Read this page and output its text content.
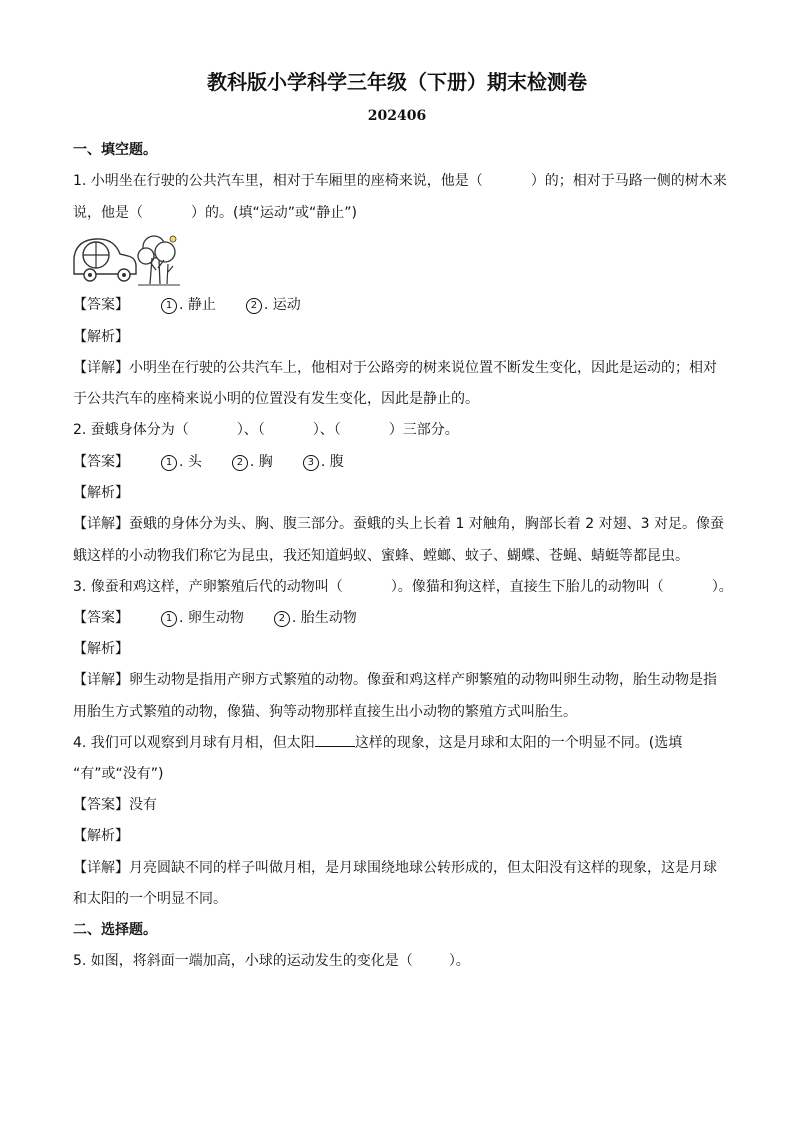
教科版小学科学三年级（下册）期末检测卷
202406
一、填空题。
1. 小明坐在行驶的公共汽车里，相对于车厢里的座椅来说，他是（	）的；相对于马路一侧的树木来
说，他是（	）的。(填“运动”或“静止”)
【答案】	1 . 静止	2 . 运动
【解析】
【详解】小明坐在行驶的公共汽车上，他相对于公路旁的树来说位置不断发生变化，因此是运动的；相对
于公共汽车的座椅来说小明的位置没有发生变化，因此是静止的。
2. 蚕蛾身体分为（	）、（	）、（	）三部分。
【答案】	1 . 头	2 . 胸	3 . 腹
【解析】
【详解】蚕蛾的身体分为头、胸、腹三部分。蚕蛾的头上长着 1 对触角，胸部长着 2 对翅、3 对足。像蚕
蛾这样的小动物我们称它为昆虫，我还知道蚂蚁、蜜蜂、螳螂、蚊子、蝴蝶、苍蝇、蜻蜓等都昆虫。
3. 像蚕和鸡这样，产卵繁殖后代的动物叫（	）。像猫和狗这样，直接生下胎儿的动物叫（	）。
【答案】	1 . 卵生动物	2 . 胎生动物
【解析】
【详解】卵生动物是指用产卵方式繁殖的动物。像蚕和鸡这样产卵繁殖的动物叫卵生动物，胎生动物是指
用胎生方式繁殖的动物，像猫、狗等动物那样直接生出小动物的繁殖方式叫胎生。
4. 我们可以观察到月球有月相，但太阳	这样的现象，这是月球和太阳的一个明显不同。(选填
“有”或“没有”)
【答案】没有
【解析】
【详解】月亮圆缺不同的样子叫做月相，是月球围绕地球公转形成的，但太阳没有这样的现象，这是月球
和太阳的一个明显不同。
二、选择题。
5. 如图，将斜面一端加高，小球的运动发生的变化是（	）。
